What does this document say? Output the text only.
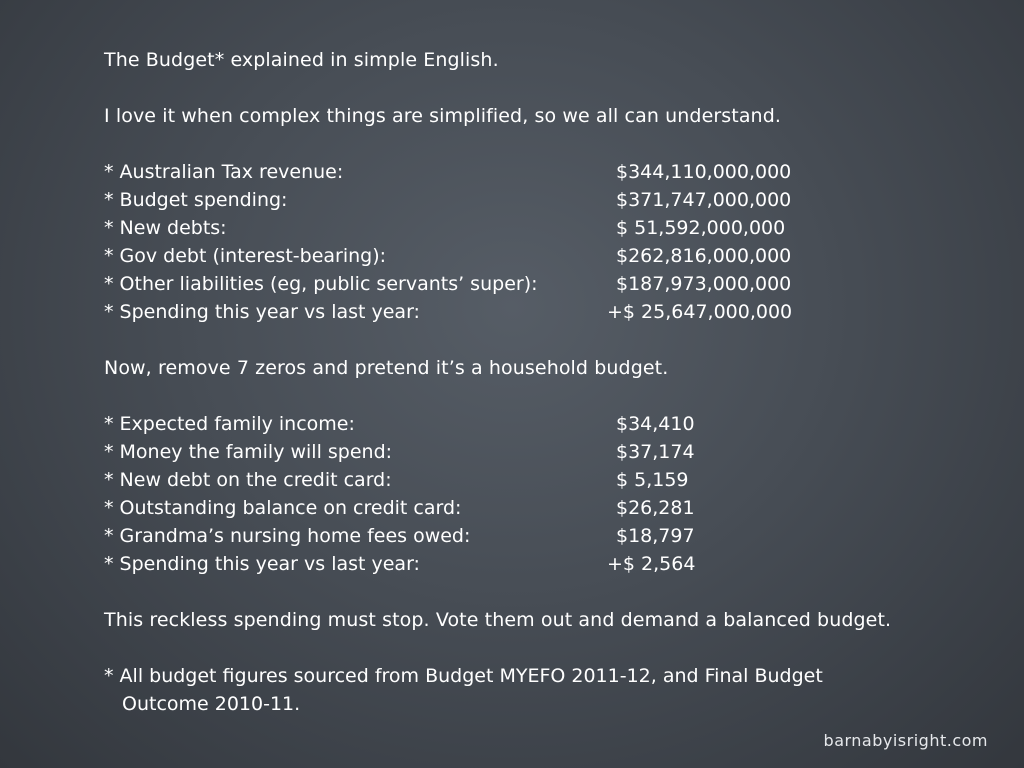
The Budget* explained in simple English.
I love it when complex things are simplified, so we all can understand.
* Australian Tax revenue:	$344,110,000,000
* Budget spending:	$371,747,000,000
* New debts:	$ 51,592,000,000
* Gov debt (interest-bearing):	$262,816,000,000
* Other liabilities (eg, public servants’ super):	$187,973,000,000
* Spending this year vs last year:	+$ 25,647,000,000
Now, remove 7 zeros and pretend it’s a household budget.
* Expected family income:	$34,410
* Money the family will spend:	$37,174
* New debt on the credit card:	$ 5,159
* Outstanding balance on credit card:	$26,281
* Grandma’s nursing home fees owed:	$18,797
* Spending this year vs last year:	+$ 2,564
This reckless spending must stop. Vote them out and demand a balanced budget.
* All budget figures sourced from Budget MYEFO 2011-12, and Final Budget
Outcome 2010-11.
barnabyisright.com
